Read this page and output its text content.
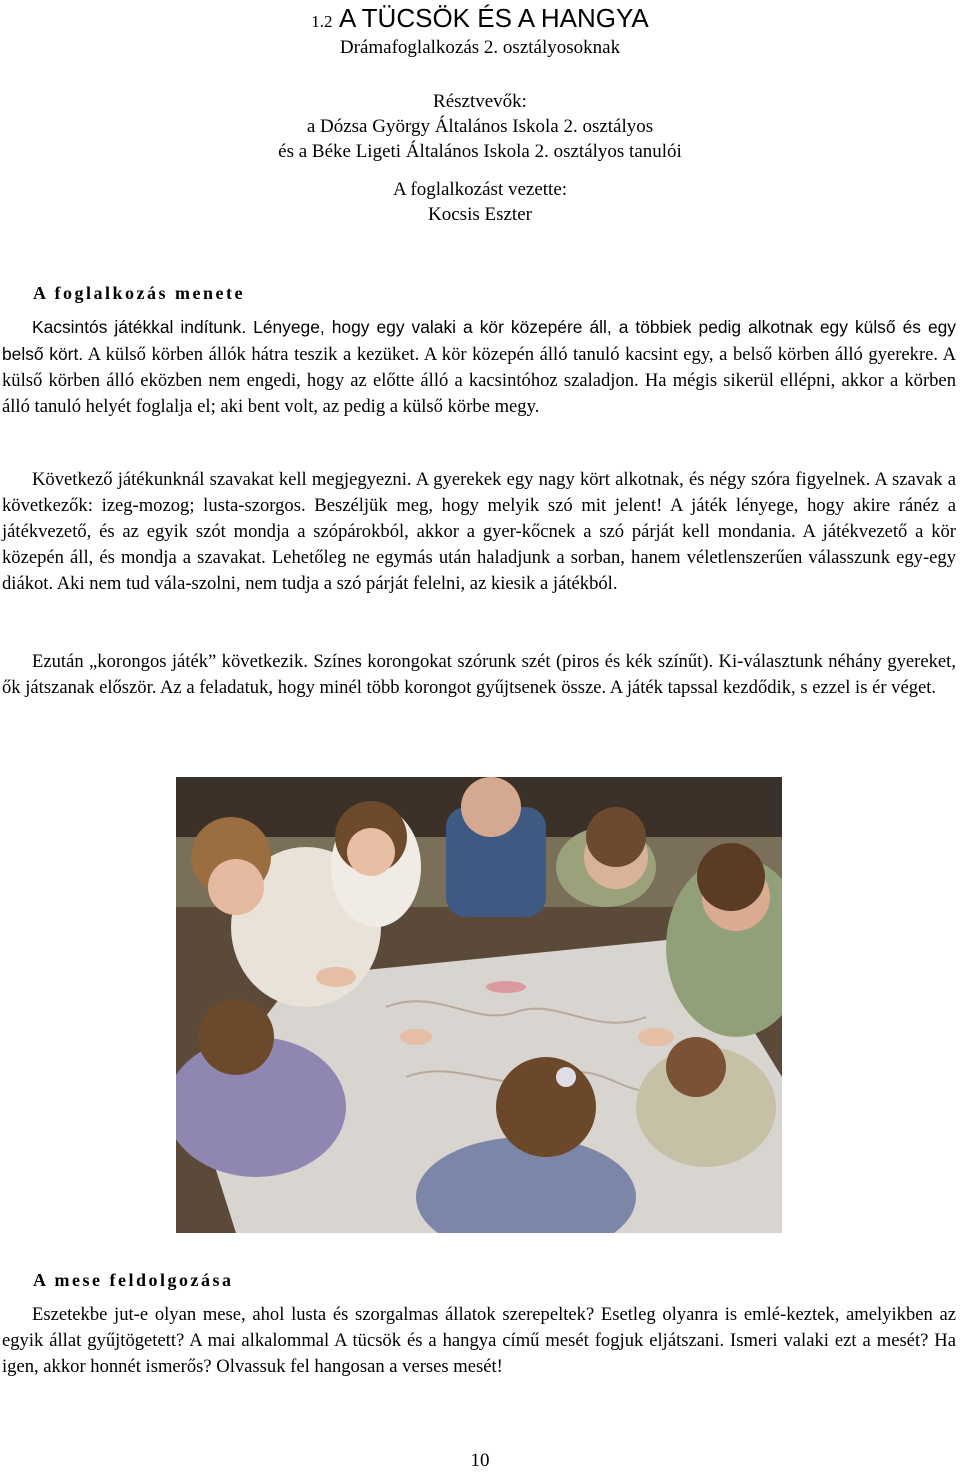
1.2 A TÜCSÖK ÉS A HANGYA
Drámafoglalkozás 2. osztályosoknak
Résztvevők:
a Dózsa György Általános Iskola 2. osztályos
és a Béke Ligeti Általános Iskola 2. osztályos tanulói
A foglalkozást vezette:
Kocsis Eszter
A foglalkozás menete

Kacsintós játékkal indítunk. Lényege, hogy egy valaki a kör közepére áll, a többiek pedig alkotnak egy külső és egy belső kört. A külső körben állók hátra teszik a kezüket. A kör közepén álló tanuló kacsint egy, a belső körben álló gyerekre. A külső körben álló eközben nem engedi, hogy az előtte álló a kacsintóhoz szaladjon. Ha mégis sikerül ellépni, akkor a körben álló tanuló helyét foglalja el; aki bent volt, az pedig a külső körbe megy.

Következő játékunknál szavakat kell megjegyezni. A gyerekek egy nagy kört alkotnak, és négy szóra figyelnek. A szavak a következők: izeg-mozog; lusta-szorgos. Beszéljük meg, hogy melyik szó mit jelent! A játék lényege, hogy akire ránéz a játékvezető, és az egyik szót mondja a szópárokból, akkor a gyer-kőcnek a szó párját kell mondania. A játékvezető a kör közepén áll, és mondja a szavakat. Lehetőleg ne egymás után haladjunk a sorban, hanem véletlenszerűen válasszunk egy-egy diákot. Aki nem tud vála-szolni, nem tudja a szó párját felelni, az kiesik a játékból.

Ezután „korongos játék” következik. Színes korongokat szórunk szét (piros és kék színűt). Ki-választunk néhány gyereket, ők játszanak először. Az a feladatuk, hogy minél több korongot gyűjtsenek össze. A játék tapssal kezdődik, s ezzel is ér véget.

A mese feldolgozása

Eszetekbe jut-e olyan mese, ahol lusta és szorgalmas állatok szerepeltek? Esetleg olyanra is emlé-keztek, amelyikben az egyik állat gyűjtögetett? A mai alkalommal A tücsök és a hangya című mesét fogjuk eljátszani. Ismeri valaki ezt a mesét? Ha igen, akkor honnét ismerős? Olvassuk fel hangosan a verses mesét!

10
